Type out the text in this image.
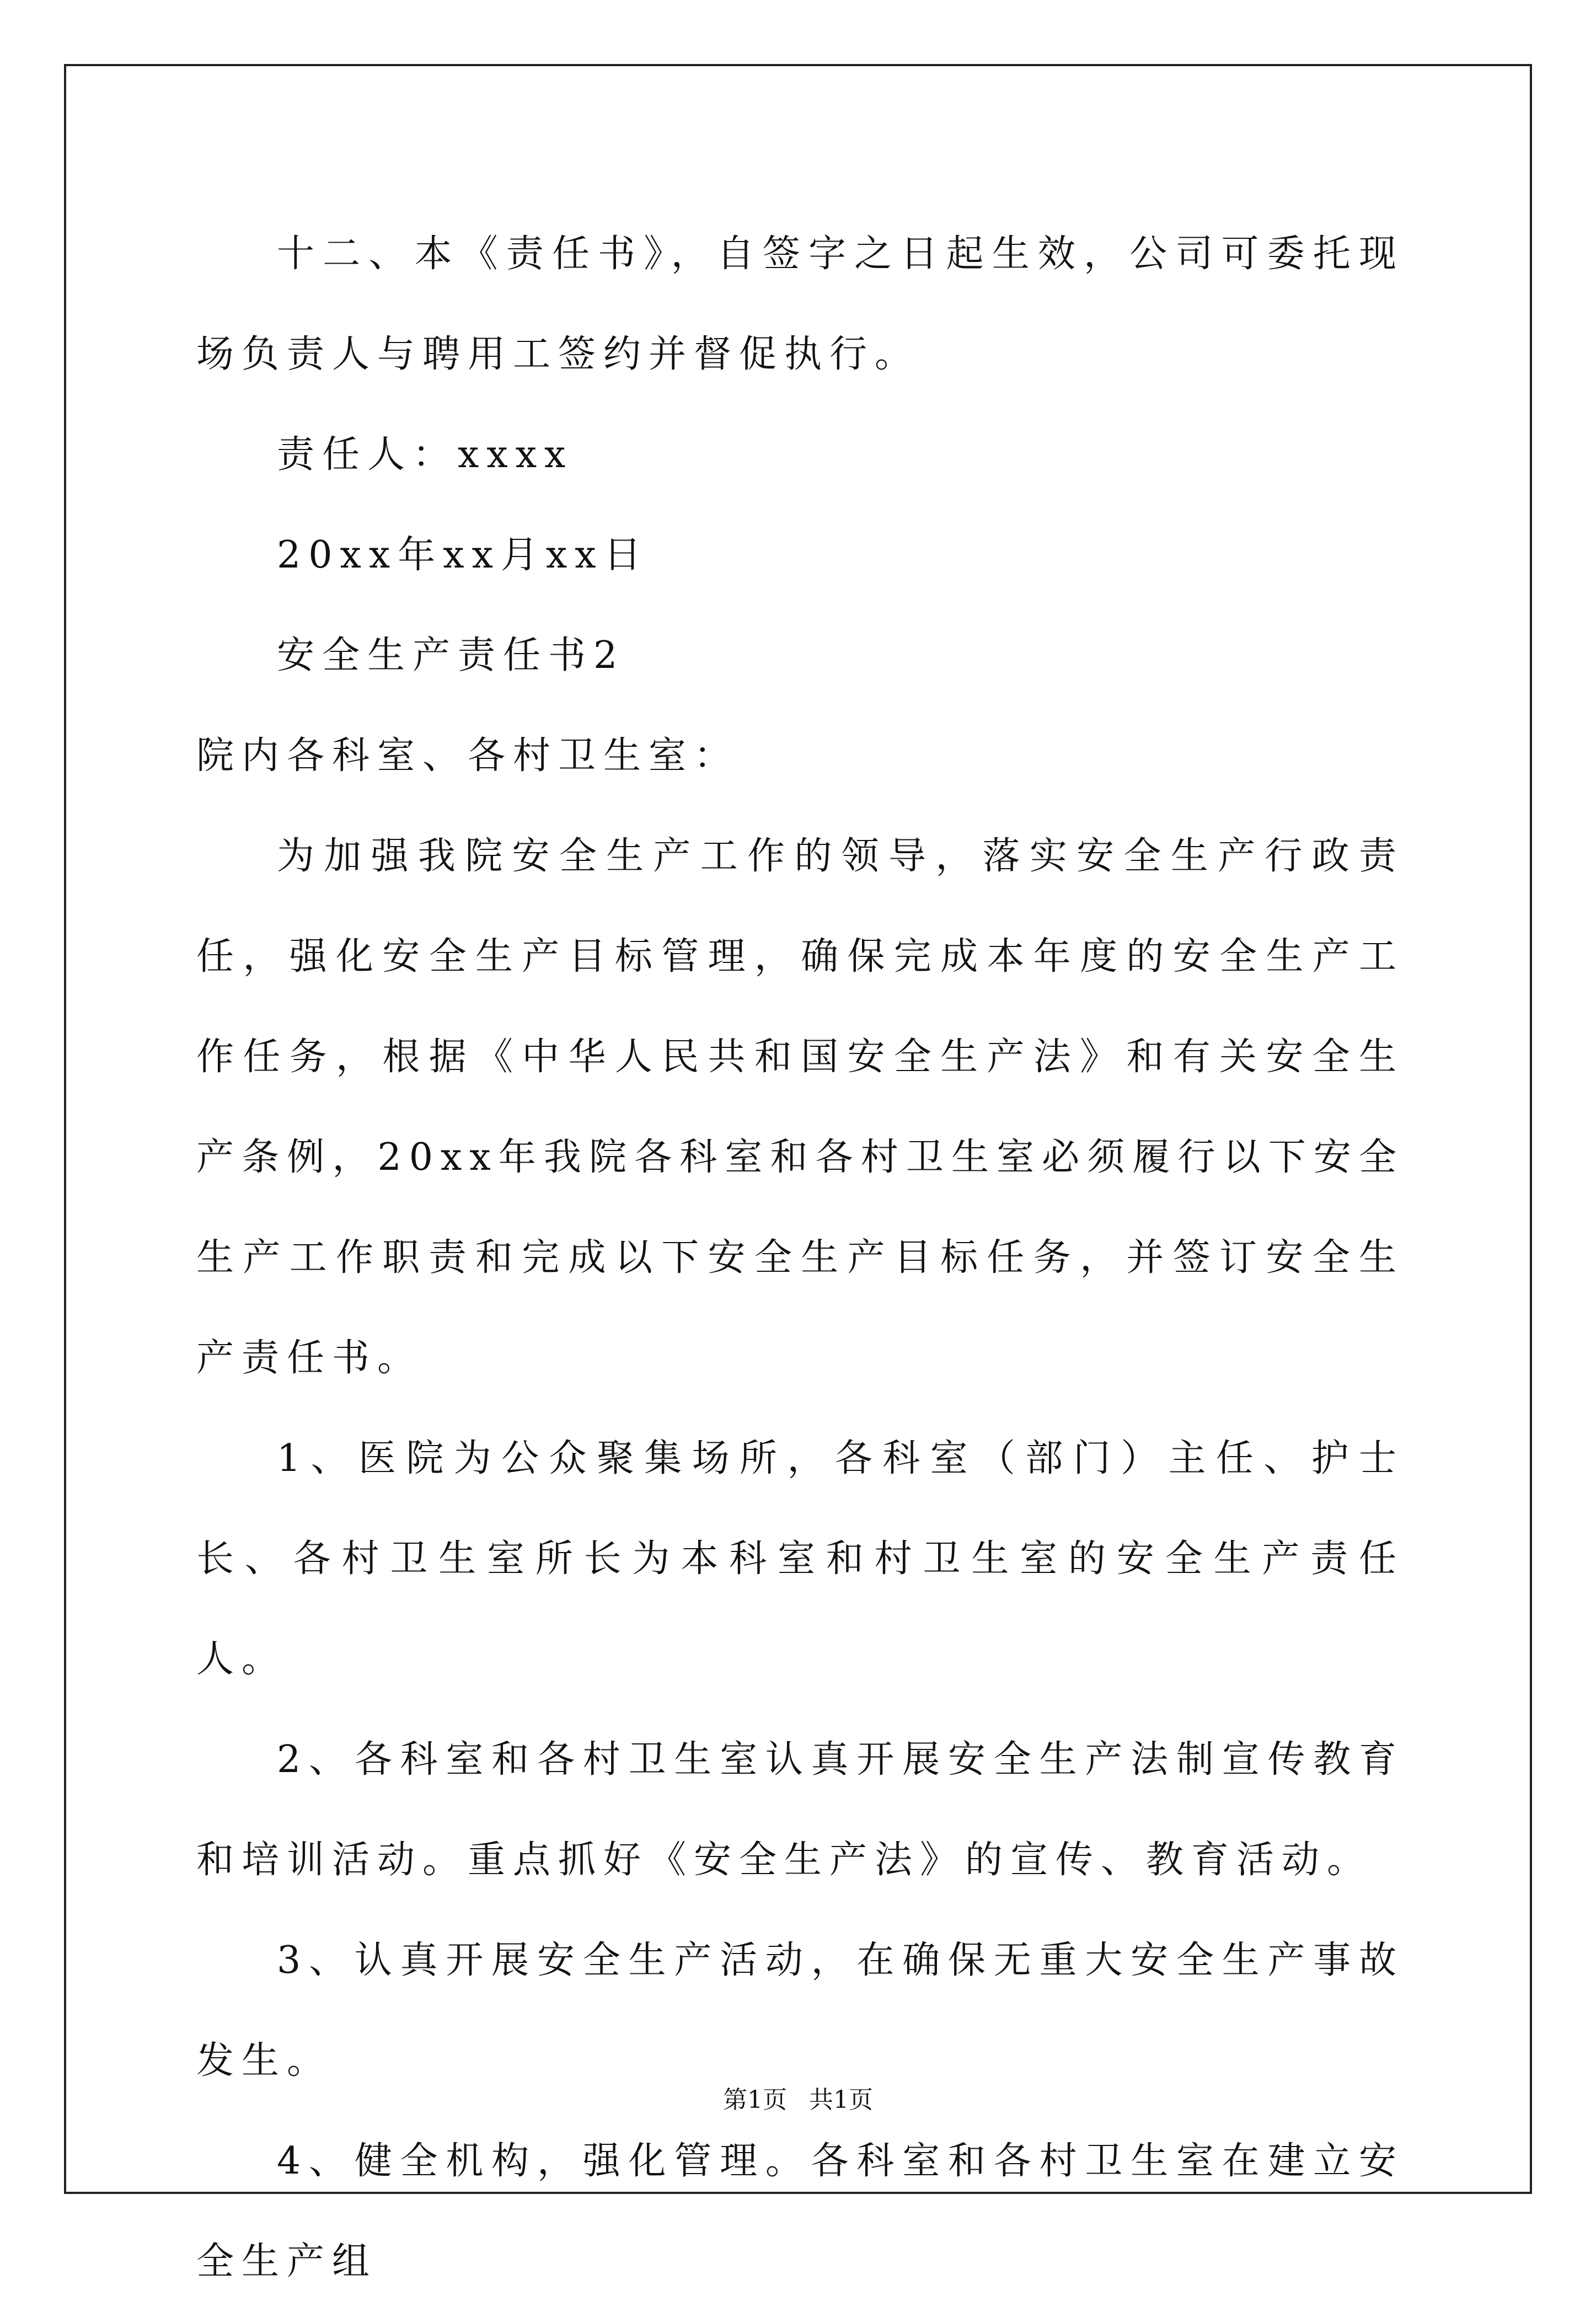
十二、本《责任书》，自签字之日起生效，公司可委托现场负责人与聘用工签约并督促执行。

责任人：xxxx

20xx年xx月xx日

安全生产责任书2

院内各科室、各村卫生室：

为加强我院安全生产工作的领导，落实安全生产行政责任，强化安全生产目标管理，确保完成本年度的安全生产工作任务，根据《中华人民共和国安全生产法》和有关安全生产条例，20xx年我院各科室和各村卫生室必须履行以下安全生产工作职责和完成以下安全生产目标任务，并签订安全生产责任书。

1、医院为公众聚集场所，各科室（部门）主任、护士长、各村卫生室所长为本科室和村卫生室的安全生产责任人。

2、各科室和各村卫生室认真开展安全生产法制宣传教育和培训活动。重点抓好《安全生产法》的宣传、教育活动。

3、认真开展安全生产活动，在确保无重大安全生产事故发生。

4、健全机构，强化管理。各科室和各村卫生室在建立安全生产组

第1页 共1页
